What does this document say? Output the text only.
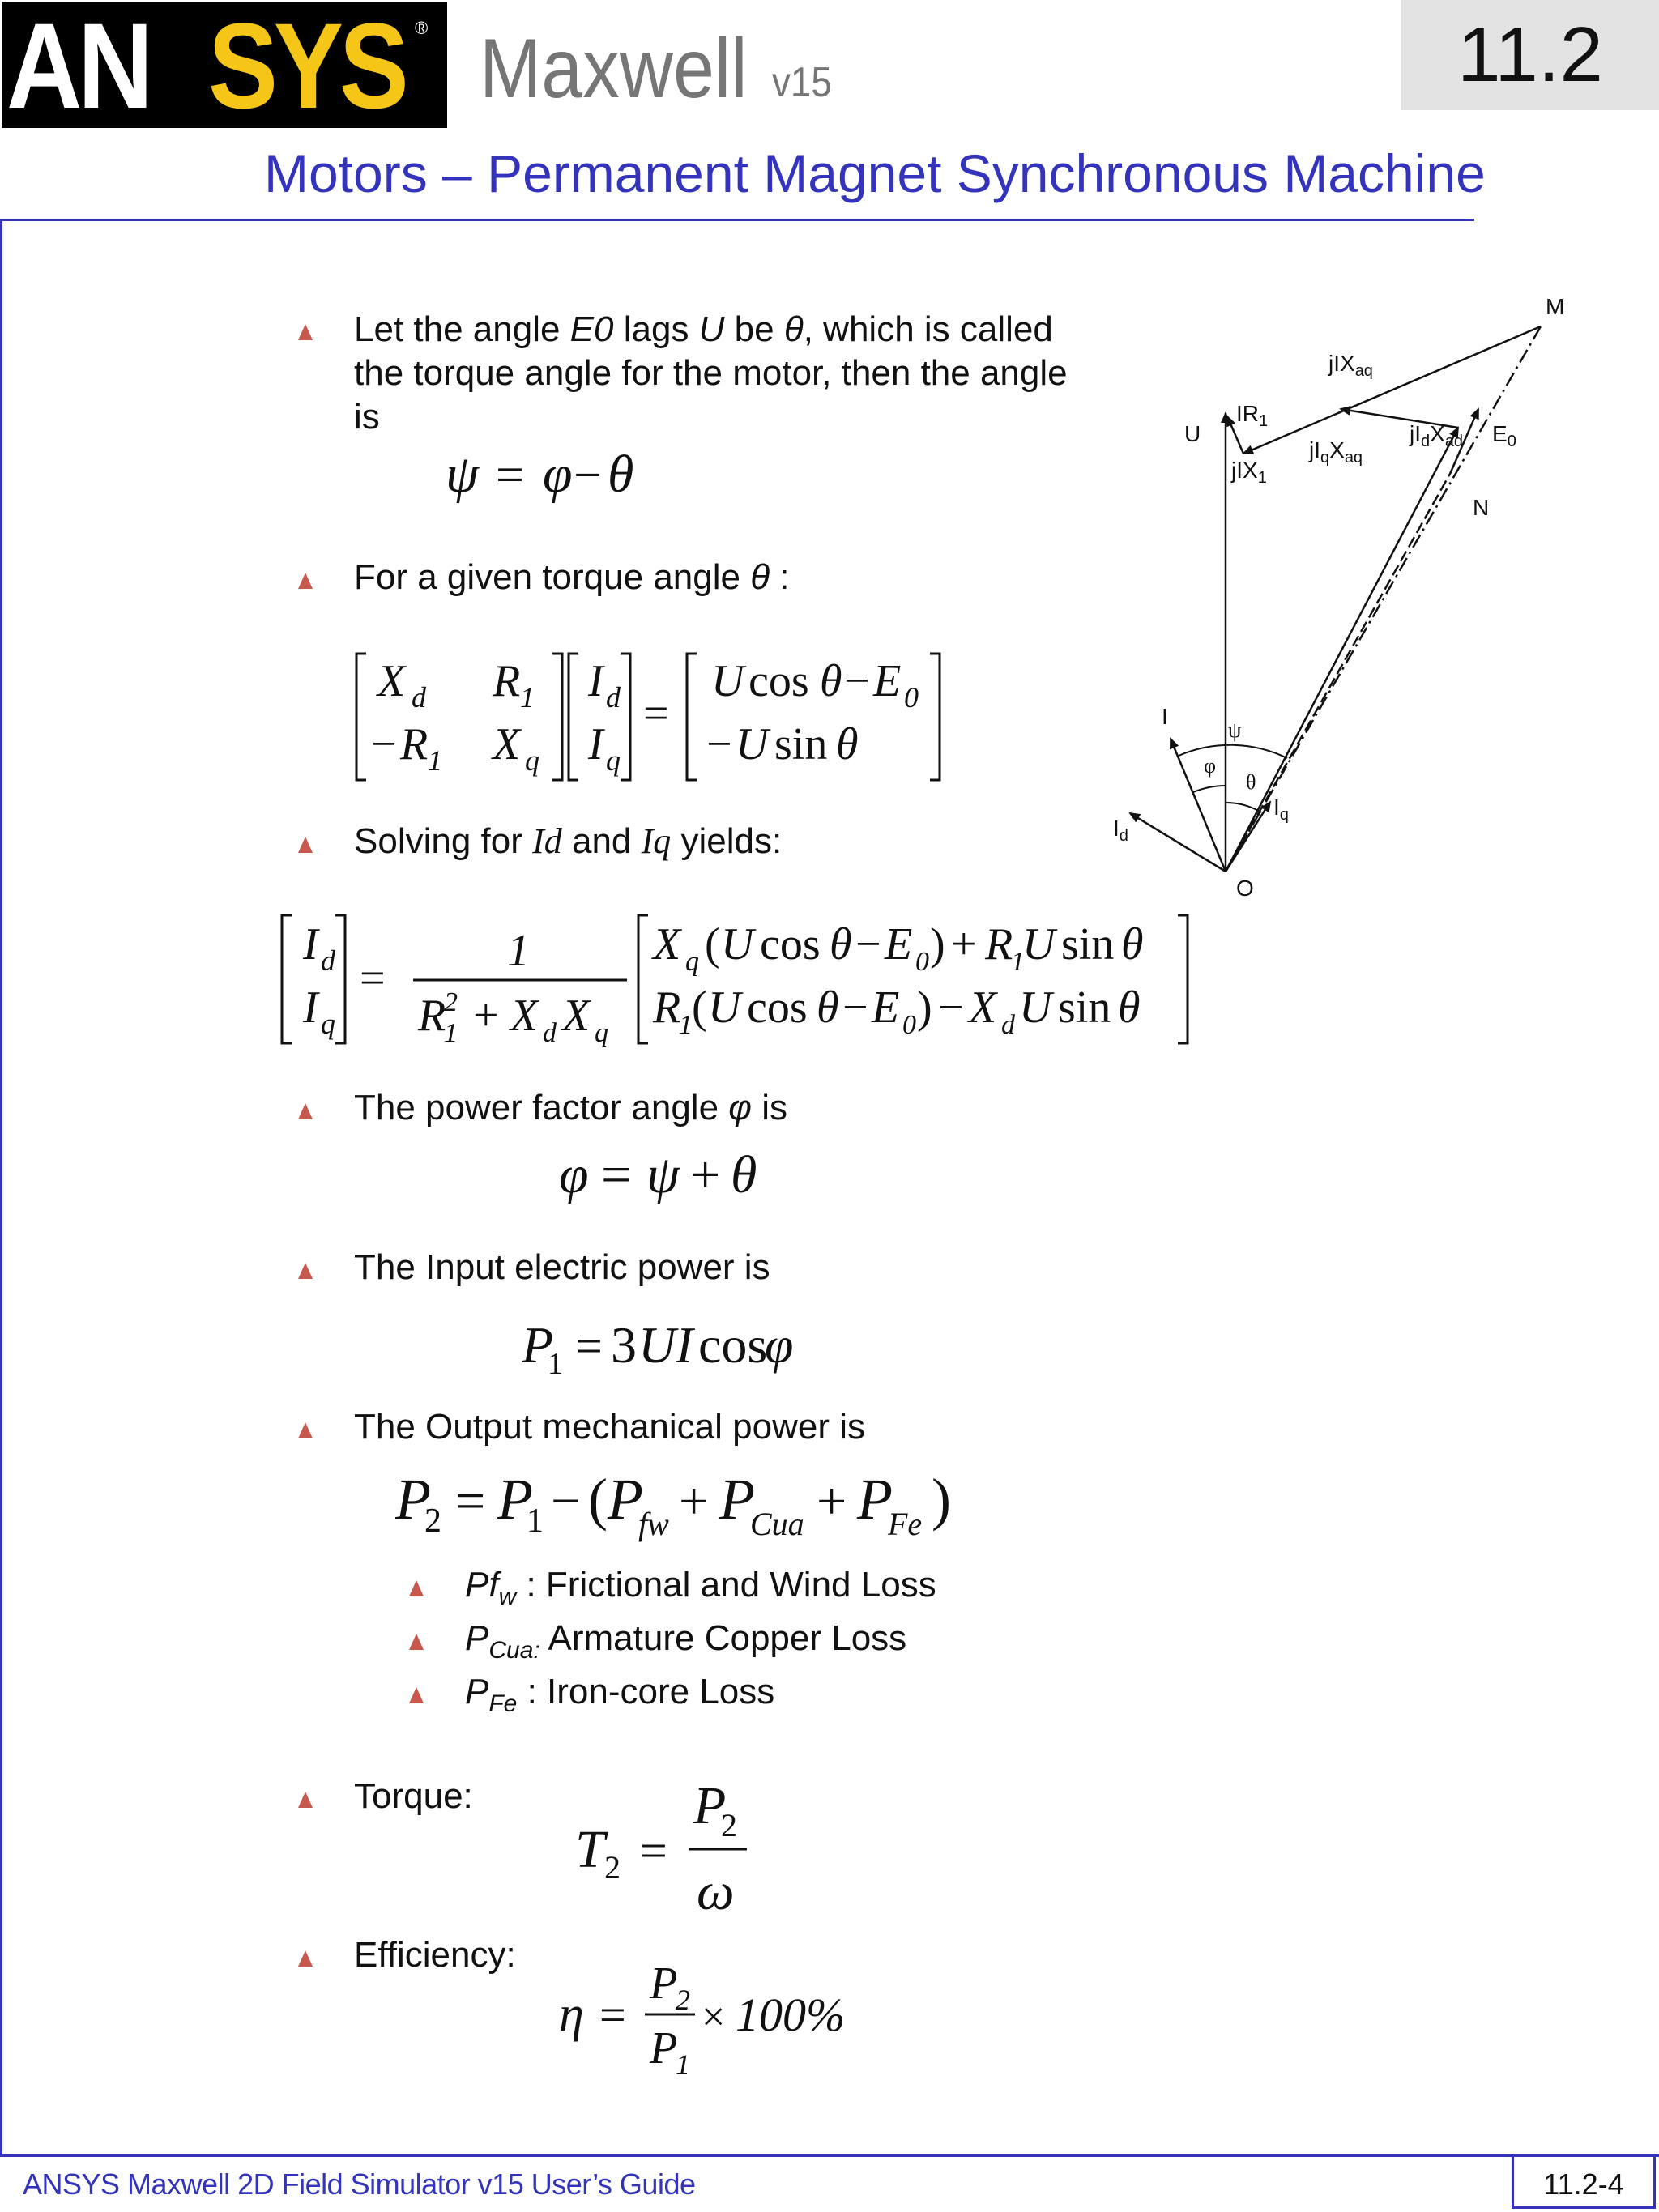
AN SYS ® Maxwell v15	11.2
Motors – Permanent Magnet Synchronous Machine
Let the angle E0 lags U be θ, which is called
the torque angle for the motor, then the angle
is
ψ = φ − θ
For a given torque angle θ :
X d R 1
− R 1 X q
I d
I q
=
U cos θ − E 0
− U sin θ
Solving for Id and Iq yields:
I d
I q
=
1
R
2
1 + X d X q
X q ( U cos θ − E 0 ) + R
1
U sin θ
R
1 ( U cos θ − E 0 ) − X d U sin θ
The power factor angle φ is
φ = ψ + θ
The Input electric power is
P
1 = 3 UI cos
φ
The Output mechanical power is
P
2 = P
1 − ( P
fw + P
Cua + P
Fe )
$Pf_w$ : Frictional and Wind Loss
$P_{Cua:}$ Armature Copper Loss
$P_{Fe}$ : Iron-core Loss
Torque:
T 2 =
P
2
ω
Efficiency:
η =
P
2
P
1
× 100%
M
N
O
U
I
jIX$_{aq}$
$IR_1$
jIX$_1$
$jI_dX_{ad}$
$jI_qX_{aq}$
$E_0$
$I_d$
$I_q$
ψ
φ
θ
ANSYS Maxwell 2D Field Simulator v15 User’s Guide	11.2-4
